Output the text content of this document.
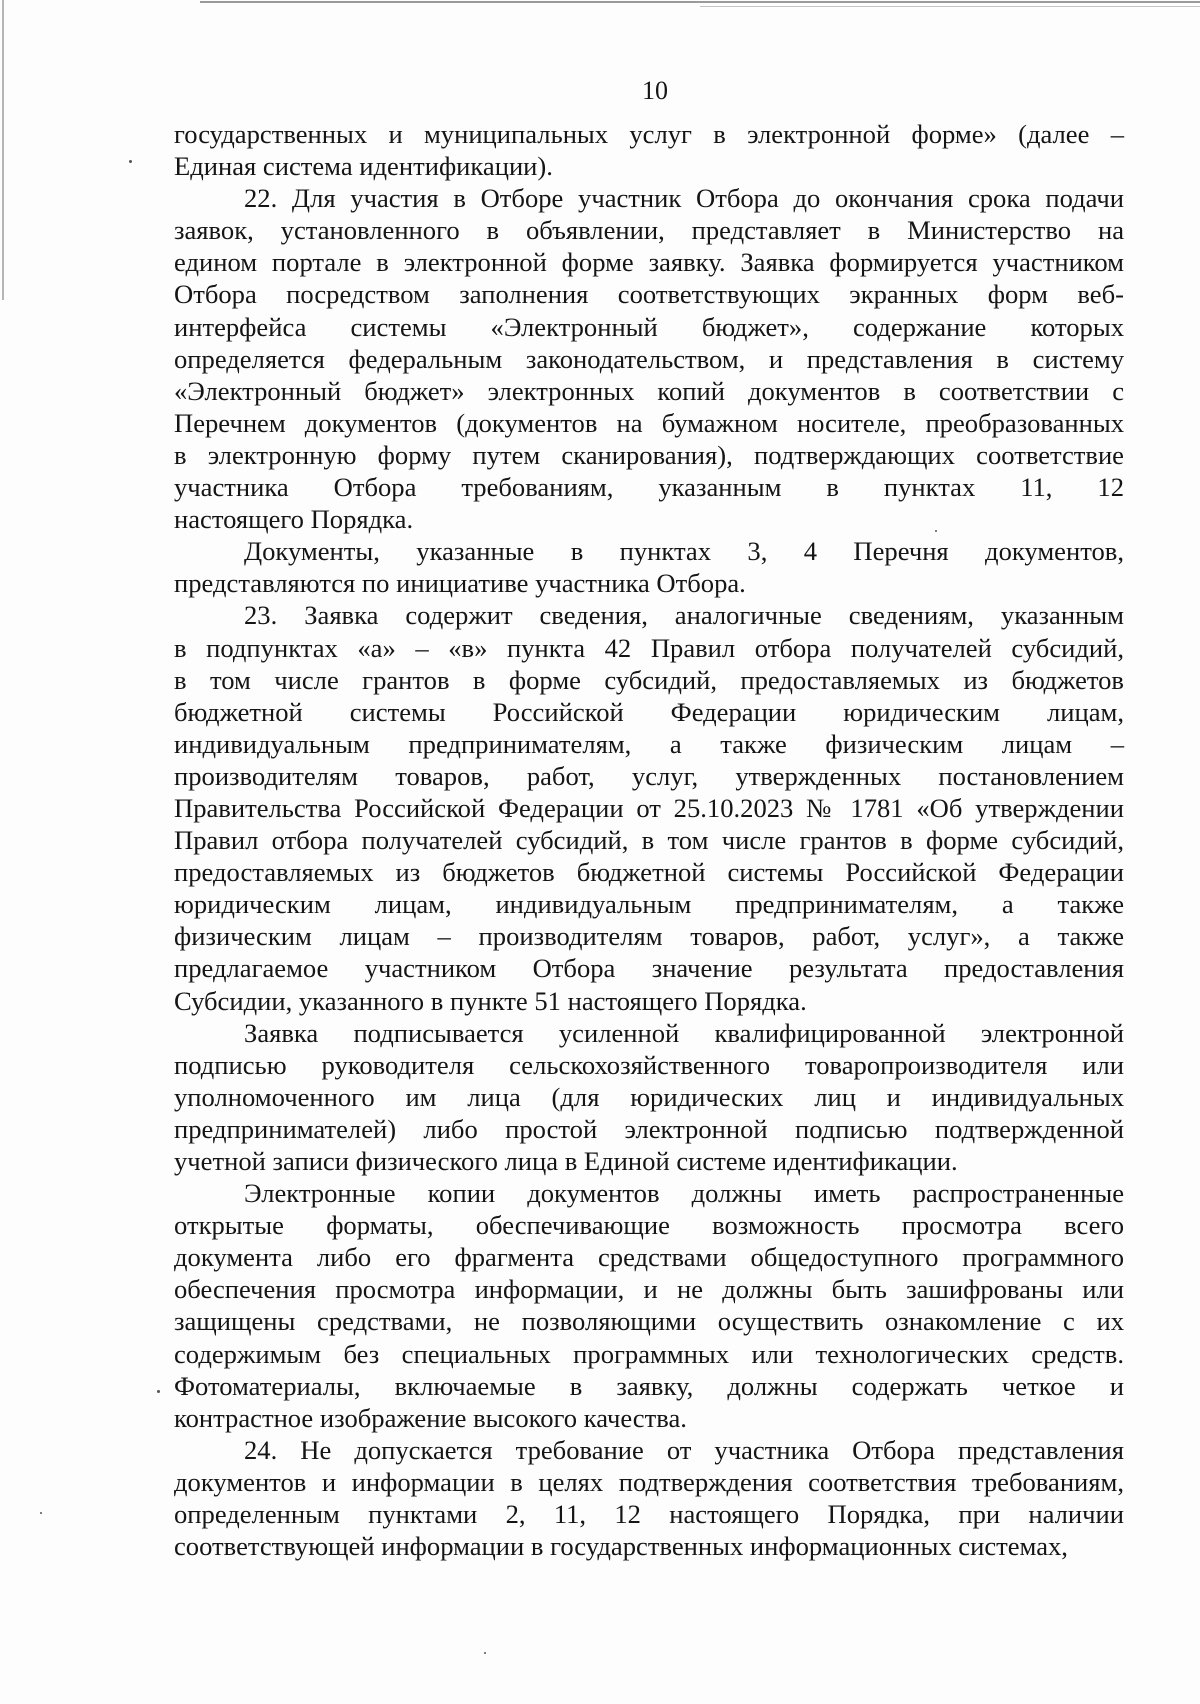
10
государственных и муниципальных услуг в электронной форме» (далее –
Единая система идентификации).
22. Для участия в Отборе участник Отбора до окончания срока подачи
заявок, установленного в объявлении, представляет в Министерство на
едином портале в электронной форме заявку. Заявка формируется участником
Отбора посредством заполнения соответствующих экранных форм веб-
интерфейса системы «Электронный бюджет», содержание которых
определяется федеральным законодательством, и представления в систему
«Электронный бюджет» электронных копий документов в соответствии с
Перечнем документов (документов на бумажном носителе, преобразованных
в электронную форму путем сканирования), подтверждающих соответствие
участника Отбора требованиям, указанным в пунктах 11, 12
настоящего Порядка.
Документы, указанные в пунктах 3, 4 Перечня документов,
представляются по инициативе участника Отбора.
23. Заявка содержит сведения, аналогичные сведениям, указанным
в подпунктах «а» – «в» пункта 42 Правил отбора получателей субсидий,
в том числе грантов в форме субсидий, предоставляемых из бюджетов
бюджетной системы Российской Федерации юридическим лицам,
индивидуальным предпринимателям, а также физическим лицам –
производителям товаров, работ, услуг, утвержденных постановлением
Правительства Российской Федерации от 25.10.2023 № 1781 «Об утверждении
Правил отбора получателей субсидий, в том числе грантов в форме субсидий,
предоставляемых из бюджетов бюджетной системы Российской Федерации
юридическим лицам, индивидуальным предпринимателям, а также
физическим лицам – производителям товаров, работ, услуг», а также
предлагаемое участником Отбора значение результата предоставления
Субсидии, указанного в пункте 51 настоящего Порядка.
Заявка подписывается усиленной квалифицированной электронной
подписью руководителя сельскохозяйственного товаропроизводителя или
уполномоченного им лица (для юридических лиц и индивидуальных
предпринимателей) либо простой электронной подписью подтвержденной
учетной записи физического лица в Единой системе идентификации.
Электронные копии документов должны иметь распространенные
открытые форматы, обеспечивающие возможность просмотра всего
документа либо его фрагмента средствами общедоступного программного
обеспечения просмотра информации, и не должны быть зашифрованы или
защищены средствами, не позволяющими осуществить ознакомление с их
содержимым без специальных программных или технологических средств.
Фотоматериалы, включаемые в заявку, должны содержать четкое и
контрастное изображение высокого качества.
24. Не допускается требование от участника Отбора представления
документов и информации в целях подтверждения соответствия требованиям,
определенным пунктами 2, 11, 12 настоящего Порядка, при наличии
соответствующей информации в государственных информационных системах,
